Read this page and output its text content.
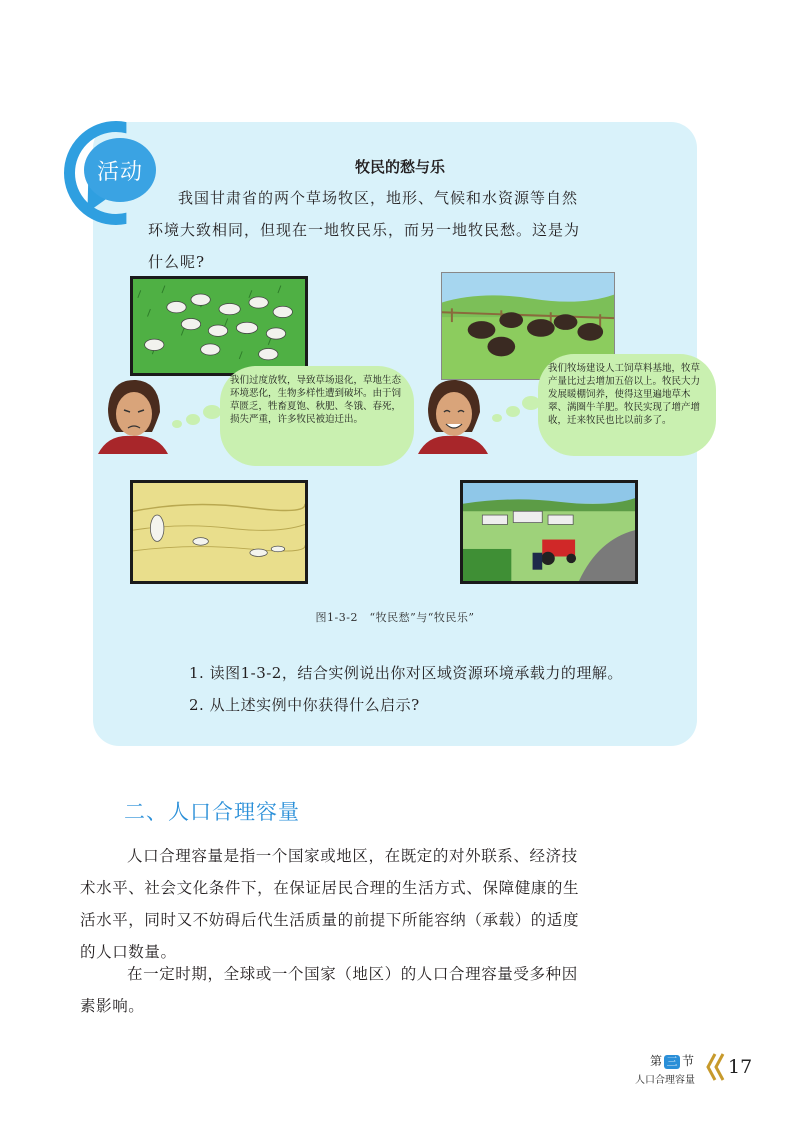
活动	牧民的愁与乐
我国甘肃省的两个草场牧区，地形、气候和水资源等自然环境大致相同，但现在一地牧民乐，而另一地牧民愁。这是为什么呢?
我们过度放牧，导致草场退化，草地生态环境恶化，生物多样性遭到破坏。由于饲草匮乏，牲畜夏饱、秋肥、冬饿、春死，损失严重，许多牧民被迫迁出。
我们牧场建设人工饲草料基地，牧草产量比过去增加五倍以上。牧民大力发展暖棚饲养，使得这里遍地草木翠、满圈牛羊肥。牧民实现了增产增收，迁来牧民也比以前多了。
图1-3-2　“牧民愁”与“牧民乐”
1. 读图1-3-2，结合实例说出你对区域资源环境承载力的理解。
2. 从上述实例中你获得什么启示?
二、人口合理容量
人口合理容量是指一个国家或地区，在既定的对外联系、经济技术水平、社会文化条件下，在保证居民合理的生活方式、保障健康的生活水平，同时又不妨碍后代生活质量的前提下所能容纳（承载）的适度的人口数量。
在一定时期，全球或一个国家（地区）的人口合理容量受多种因素影响。
第 三 节
人口合理容量
17
